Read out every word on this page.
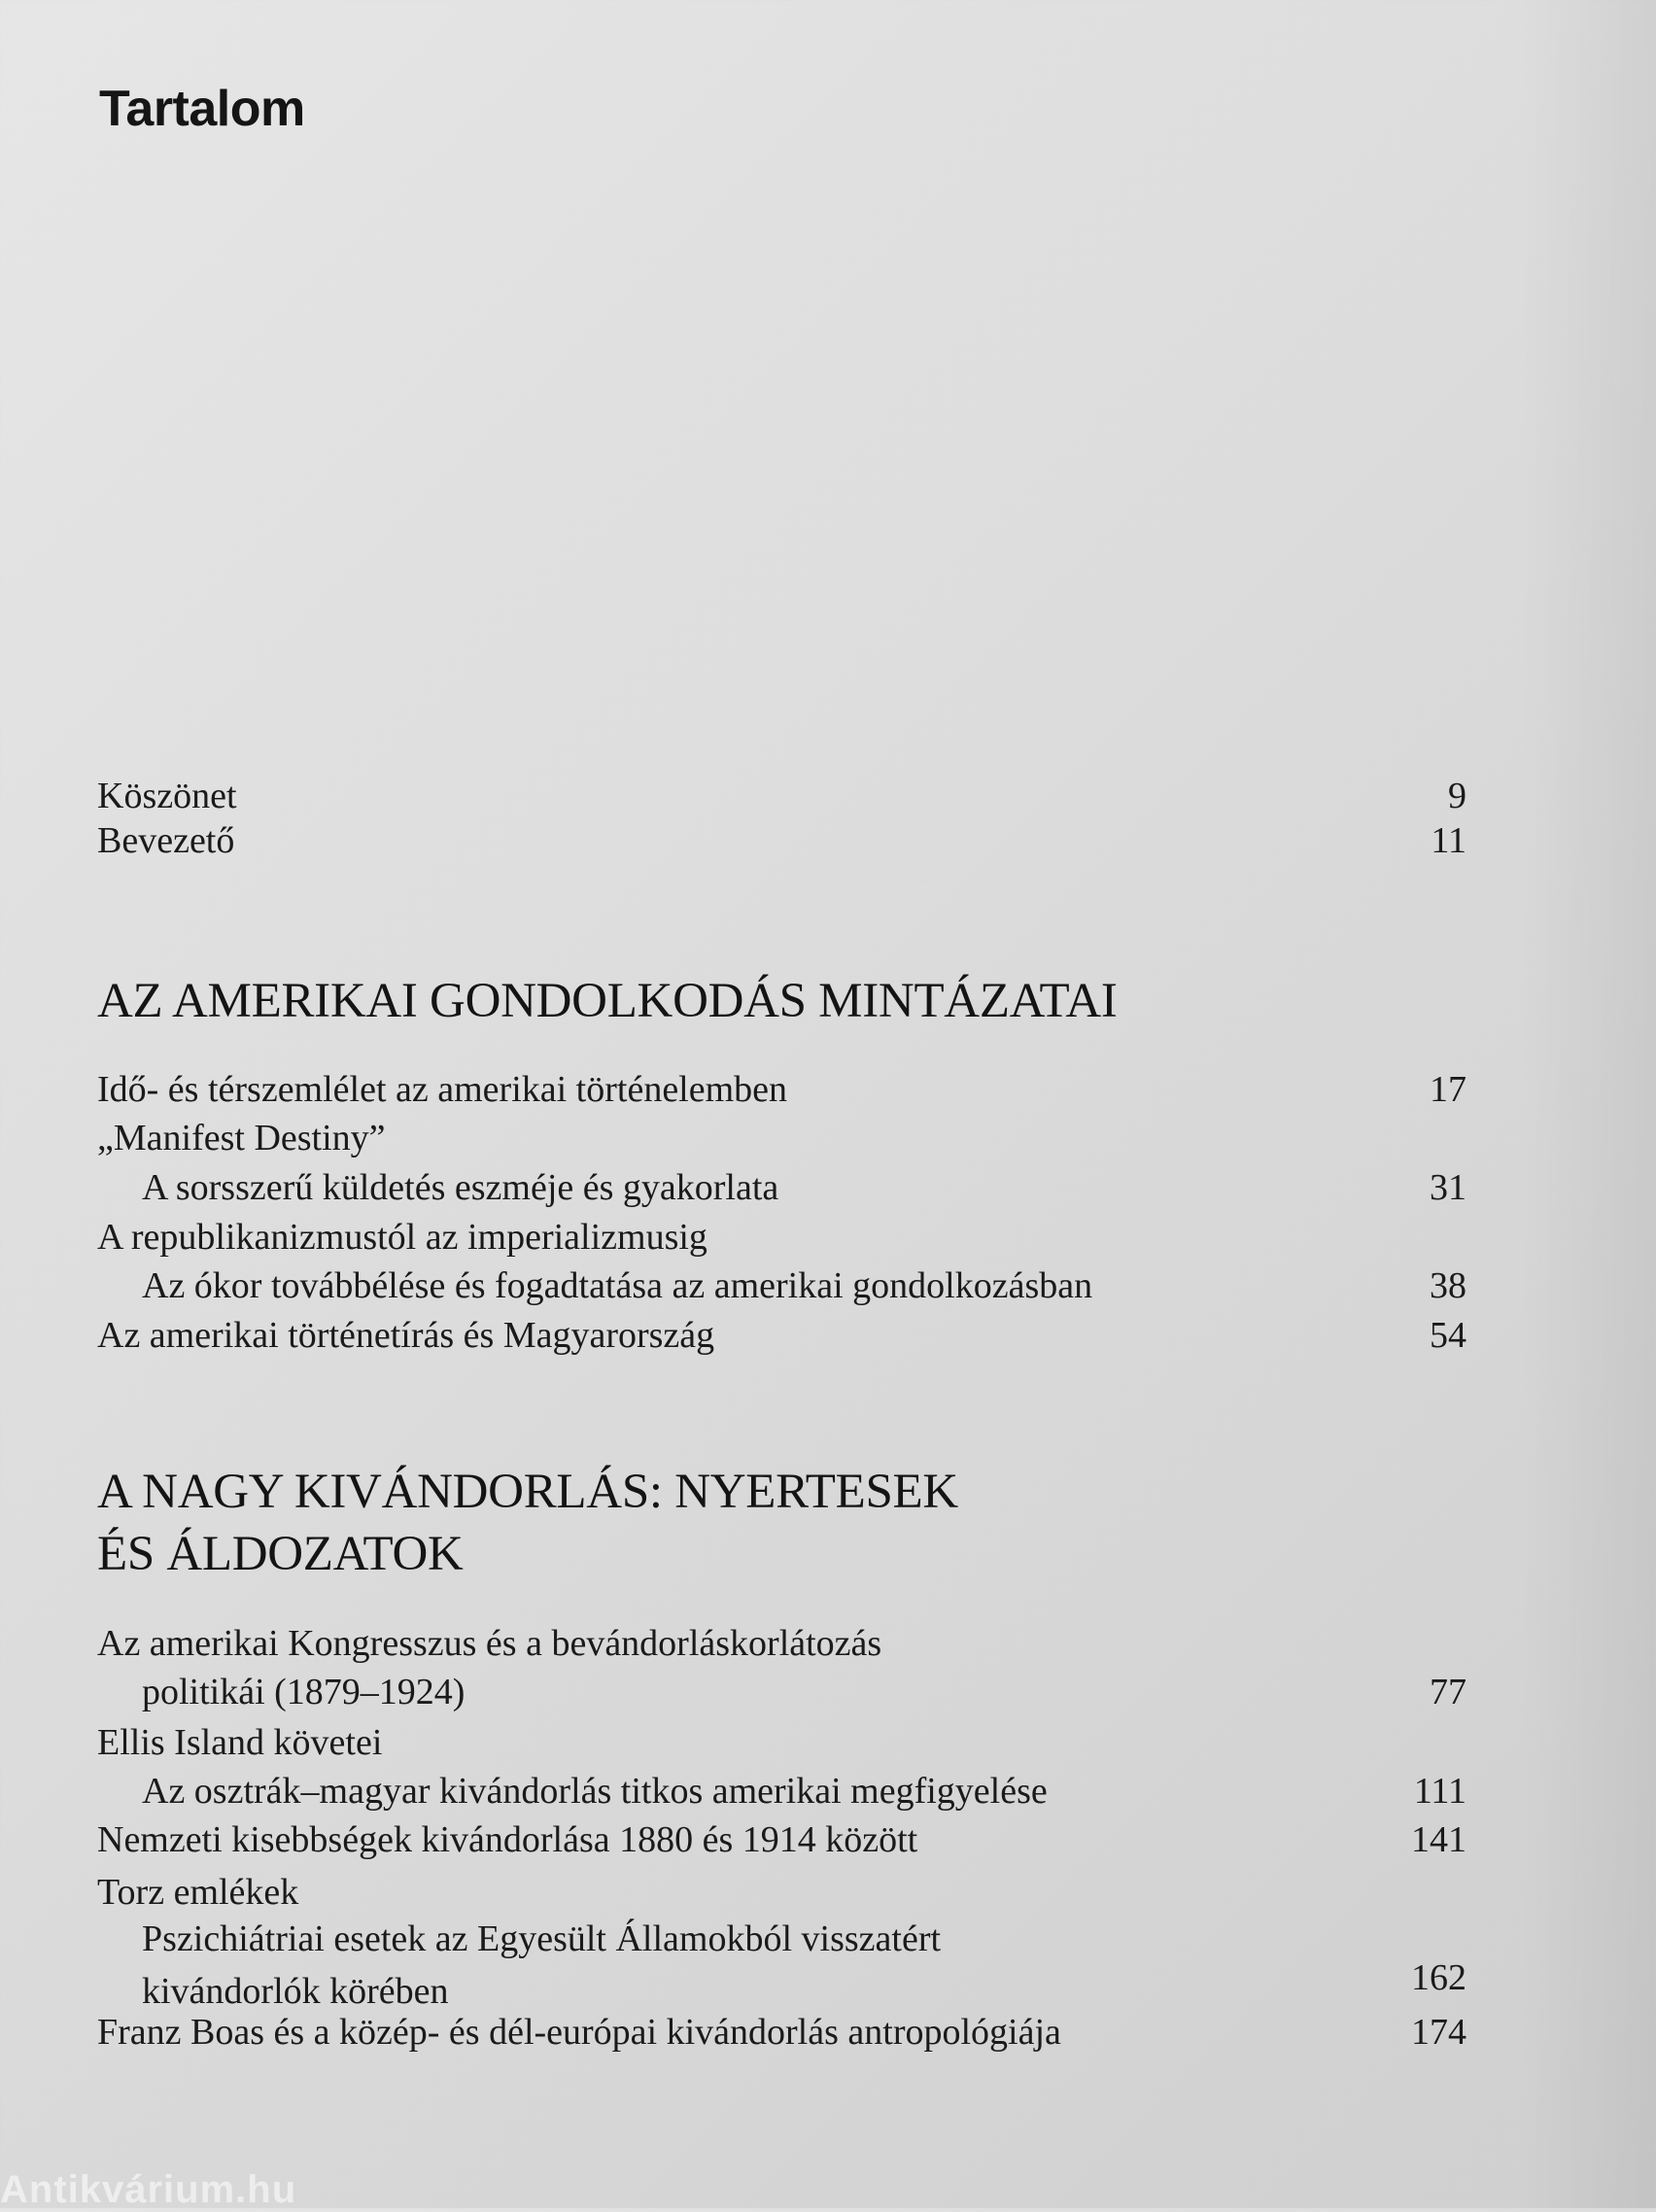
Tartalom
Köszönet	9
Bevezető	11
AZ AMERIKAI GONDOLKODÁS MINTÁZATAI
Idő- és térszemlélet az amerikai történelemben	17
„Manifest Destiny”
A sorsszerű küldetés eszméje és gyakorlata	31
A republikanizmustól az imperializmusig
Az ókor továbbélése és fogadtatása az amerikai gondolkozásban	38
Az amerikai történetírás és Magyarország	54
A NAGY KIVÁNDORLÁS: NYERTESEK
ÉS ÁLDOZATOK
Az amerikai Kongresszus és a bevándorláskorlátozás
politikái (1879–1924)	77
Ellis Island követei
Az osztrák–magyar kivándorlás titkos amerikai megfigyelése	111
Nemzeti kisebbségek kivándorlása 1880 és 1914 között	141
Torz emlékek
Pszichiátriai esetek az Egyesült Államokból visszatért
kivándorlók körében	162
Franz Boas és a közép- és dél-európai kivándorlás antropológiája	174
Antikvárium.hu
